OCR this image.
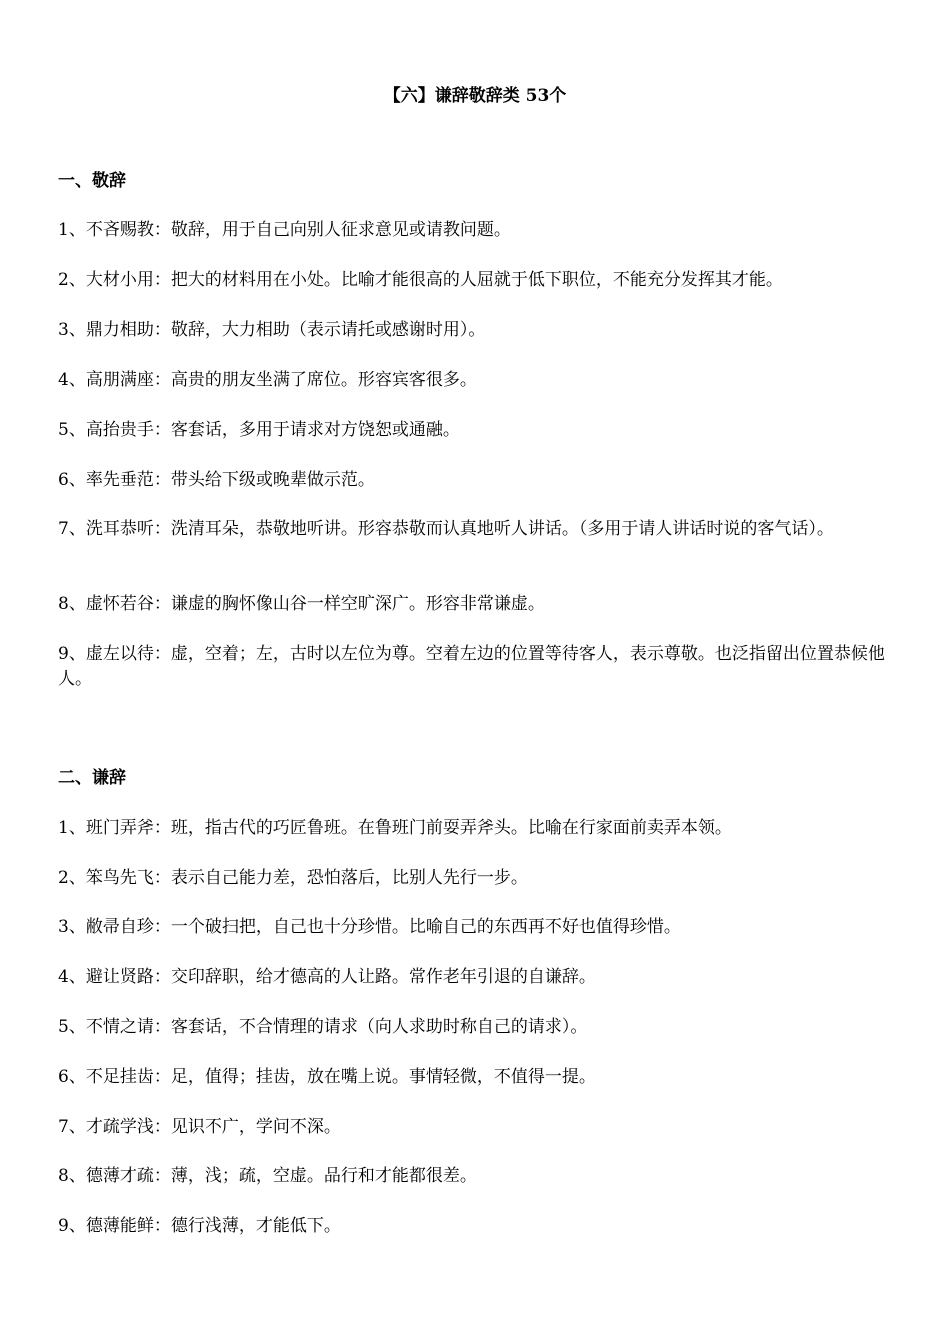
【六】谦辞敬辞类 53个
一、敬辞
1、不吝赐教：敬辞，用于自己向别人征求意见或请教问题。
2、大材小用：把大的材料用在小处。比喻才能很高的人屈就于低下职位，不能充分发挥其才能。
3、鼎力相助：敬辞，大力相助（表示请托或感谢时用）。
4、高朋满座：高贵的朋友坐满了席位。形容宾客很多。
5、高抬贵手：客套话，多用于请求对方饶恕或通融。
6、率先垂范：带头给下级或晚辈做示范。
7、洗耳恭听：洗清耳朵，恭敬地听讲。形容恭敬而认真地听人讲话。（多用于请人讲话时说的客气话）。
8、虚怀若谷：谦虚的胸怀像山谷一样空旷深广。形容非常谦虚。
9、虚左以待：虚，空着；左，古时以左位为尊。空着左边的位置等待客人，表示尊敬。也泛指留出位置恭候他人。
二、谦辞
1、班门弄斧：班，指古代的巧匠鲁班。在鲁班门前耍弄斧头。比喻在行家面前卖弄本领。
2、笨鸟先飞：表示自己能力差，恐怕落后，比别人先行一步。
3、敝帚自珍：一个破扫把，自己也十分珍惜。比喻自己的东西再不好也值得珍惜。
4、避让贤路：交印辞职，给才德高的人让路。常作老年引退的自谦辞。
5、不情之请：客套话，不合情理的请求（向人求助时称自己的请求）。
6、不足挂齿：足，值得；挂齿，放在嘴上说。事情轻微，不值得一提。
7、才疏学浅：见识不广，学问不深。
8、德薄才疏：薄，浅；疏，空虚。品行和才能都很差。
9、德薄能鲜：德行浅薄，才能低下。
